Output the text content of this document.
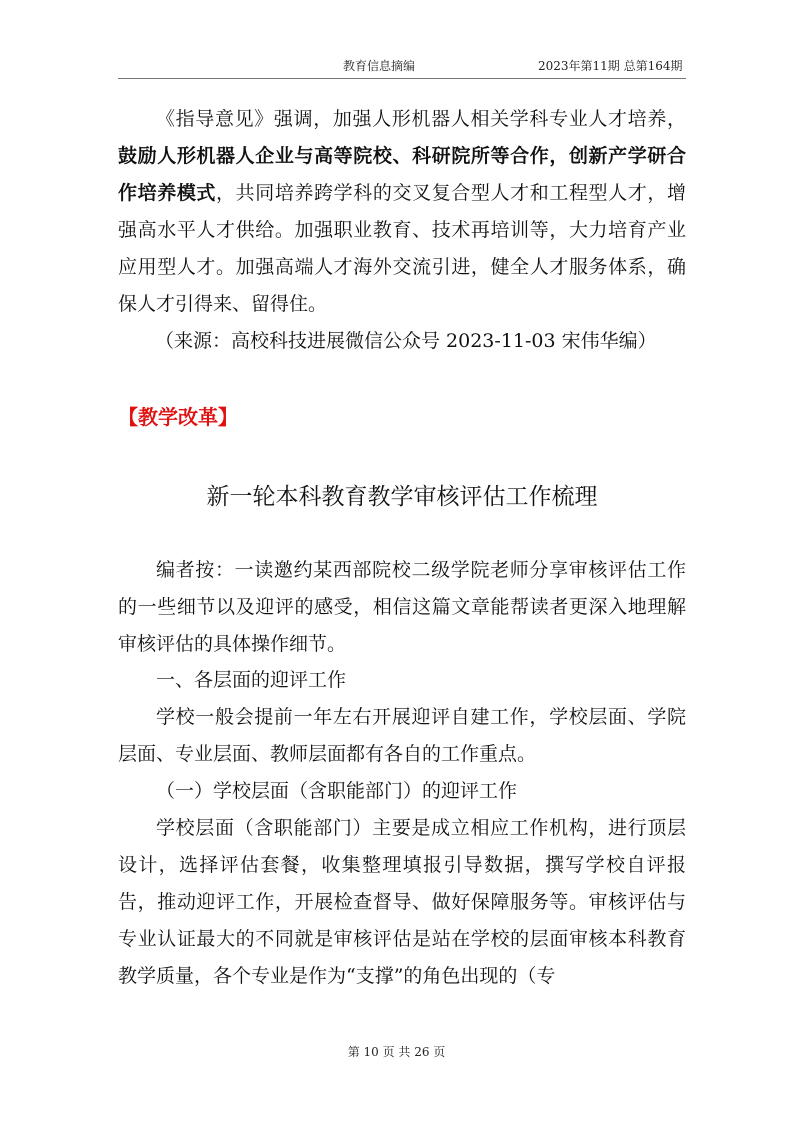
教育信息摘编	2023年第11期 总第164期

《指导意见》强调，加强人形机器人相关学科专业人才培养，鼓励人形机器人企业与高等院校、科研院所等合作，创新产学研合作培养模式，共同培养跨学科的交叉复合型人才和工程型人才，增强高水平人才供给。加强职业教育、技术再培训等，大力培育产业应用型人才。加强高端人才海外交流引进，健全人才服务体系，确保人才引得来、留得住。

（来源：高校科技进展微信公众号 2023-11-03 宋伟华编）
【教学改革】
新一轮本科教育教学审核评估工作梳理

编者按：一读邀约某西部院校二级学院老师分享审核评估工作的一些细节以及迎评的感受，相信这篇文章能帮读者更深入地理解审核评估的具体操作细节。

一、各层面的迎评工作

学校一般会提前一年左右开展迎评自建工作，学校层面、学院层面、专业层面、教师层面都有各自的工作重点。

（一）学校层面（含职能部门）的迎评工作

学校层面（含职能部门）主要是成立相应工作机构，进行顶层设计，选择评估套餐，收集整理填报引导数据，撰写学校自评报告，推动迎评工作，开展检查督导、做好保障服务等。审核评估与专业认证最大的不同就是审核评估是站在学校的层面审核本科教育教学质量，各个专业是作为“支撑”的角色出现的（专

第 10 页 共 26 页
